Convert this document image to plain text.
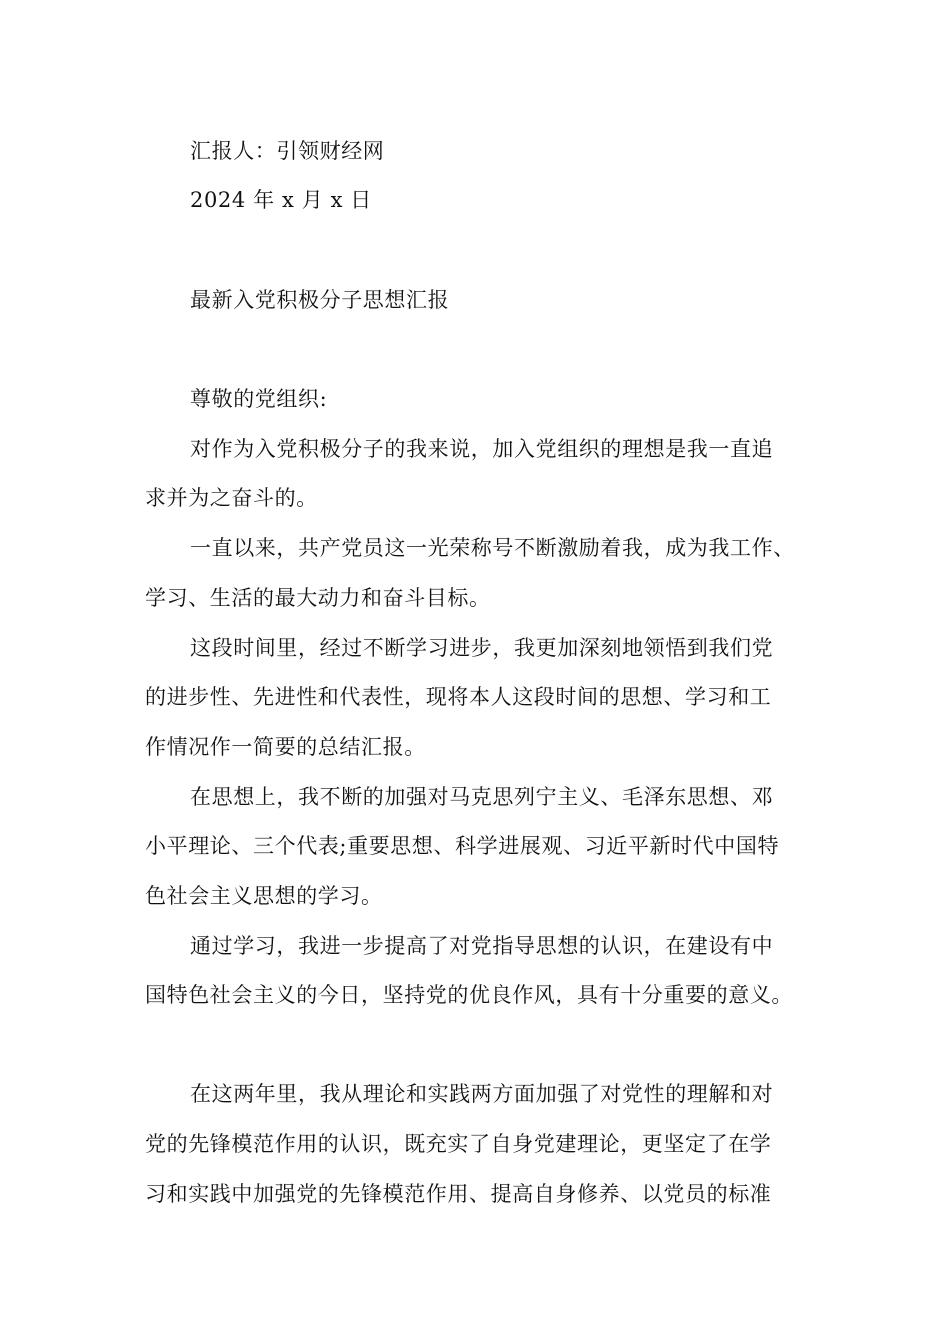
汇报人：引领财经网
2024 年 x 月 x 日
最新入党积极分子思想汇报
尊敬的党组织:
对作为入党积极分子的我来说，加入党组织的理想是我一直追
求并为之奋斗的。
一直以来，共产党员这一光荣称号不断激励着我，成为我工作、
学习、生活的最大动力和奋斗目标。
这段时间里，经过不断学习进步，我更加深刻地领悟到我们党
的进步性、先进性和代表性，现将本人这段时间的思想、学习和工
作情况作一简要的总结汇报。
在思想上，我不断的加强对马克思列宁主义、毛泽东思想、邓
小平理论、三个代表;重要思想、科学进展观、习近平新时代中国特
色社会主义思想的学习。
通过学习，我进一步提高了对党指导思想的认识，在建设有中
国特色社会主义的今日，坚持党的优良作风，具有十分重要的意义。
在这两年里，我从理论和实践两方面加强了对党性的理解和对
党的先锋模范作用的认识，既充实了自身党建理论，更坚定了在学
习和实践中加强党的先锋模范作用、提高自身修养、以党员的标准
